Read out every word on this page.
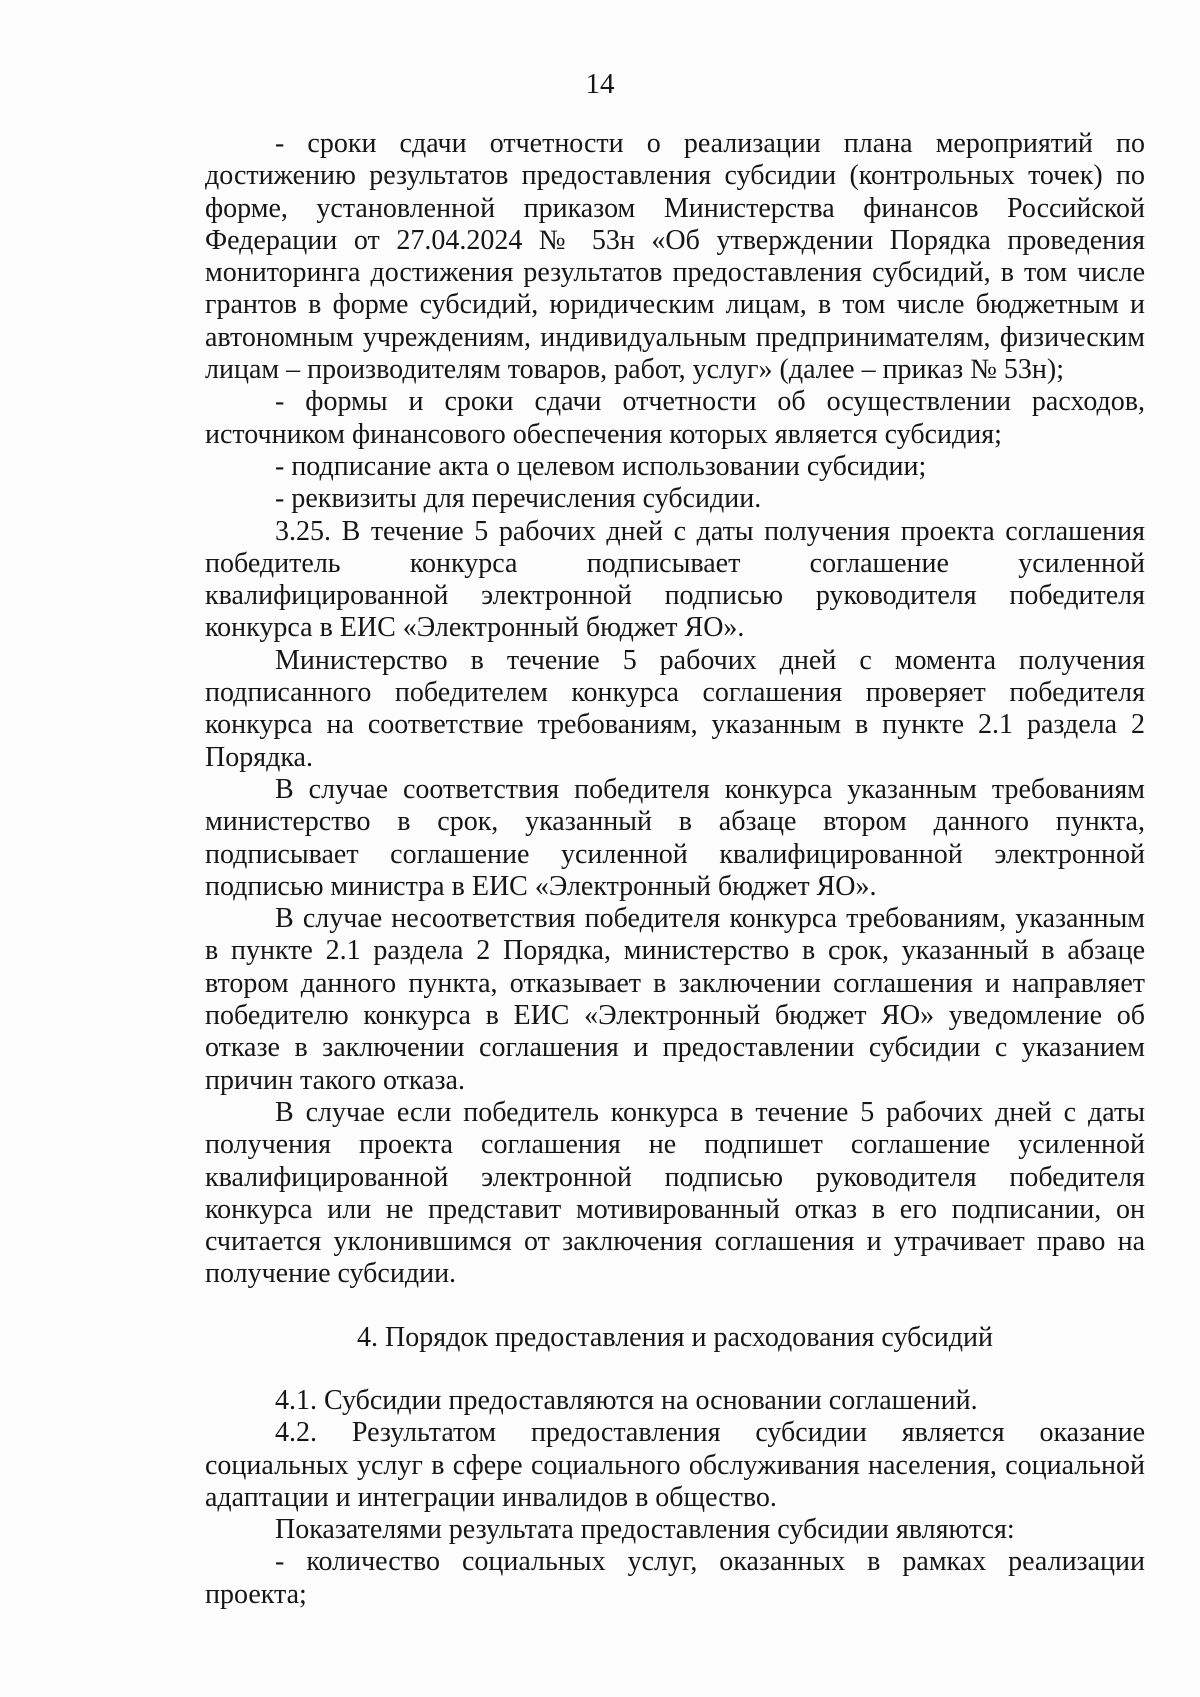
14

- сроки сдачи отчетности о реализации плана мероприятий по достижению результатов предоставления субсидии (контрольных точек) по форме, установленной приказом Министерства финансов Российской Федерации от 27.04.2024 № 53н «Об утверждении Порядка проведения мониторинга достижения результатов предоставления субсидий, в том числе грантов в форме субсидий, юридическим лицам, в том числе бюджетным и автономным учреждениям, индивидуальным предпринимателям, физическим лицам – производителям товаров, работ, услуг» (далее – приказ № 53н);

- формы и сроки сдачи отчетности об осуществлении расходов, источником финансового обеспечения которых является субсидия;

- подписание акта о целевом использовании субсидии;

- реквизиты для перечисления субсидии.

3.25. В течение 5 рабочих дней с даты получения проекта соглашения победитель конкурса подписывает соглашение усиленной квалифицированной электронной подписью руководителя победителя конкурса в ЕИС «Электронный бюджет ЯО».

Министерство в течение 5 рабочих дней с момента получения подписанного победителем конкурса соглашения проверяет победителя конкурса на соответствие требованиям, указанным в пункте 2.1 раздела 2 Порядка.

В случае соответствия победителя конкурса указанным требованиям министерство в срок, указанный в абзаце втором данного пункта, подписывает соглашение усиленной квалифицированной электронной подписью министра в ЕИС «Электронный бюджет ЯО».

В случае несоответствия победителя конкурса требованиям, указанным в пункте 2.1 раздела 2 Порядка, министерство в срок, указанный в абзаце втором данного пункта, отказывает в заключении соглашения и направляет победителю конкурса в ЕИС «Электронный бюджет ЯО» уведомление об отказе в заключении соглашения и предоставлении субсидии с указанием причин такого отказа.

В случае если победитель конкурса в течение 5 рабочих дней с даты получения проекта соглашения не подпишет соглашение усиленной квалифицированной электронной подписью руководителя победителя конкурса или не представит мотивированный отказ в его подписании, он считается уклонившимся от заключения соглашения и утрачивает право на получение субсидии.

4. Порядок предоставления и расходования субсидий

4.1. Субсидии предоставляются на основании соглашений.

4.2. Результатом предоставления субсидии является оказание социальных услуг в сфере социального обслуживания населения, социальной адаптации и интеграции инвалидов в общество.

Показателями результата предоставления субсидии являются:

- количество социальных услуг, оказанных в рамках реализации проекта;
